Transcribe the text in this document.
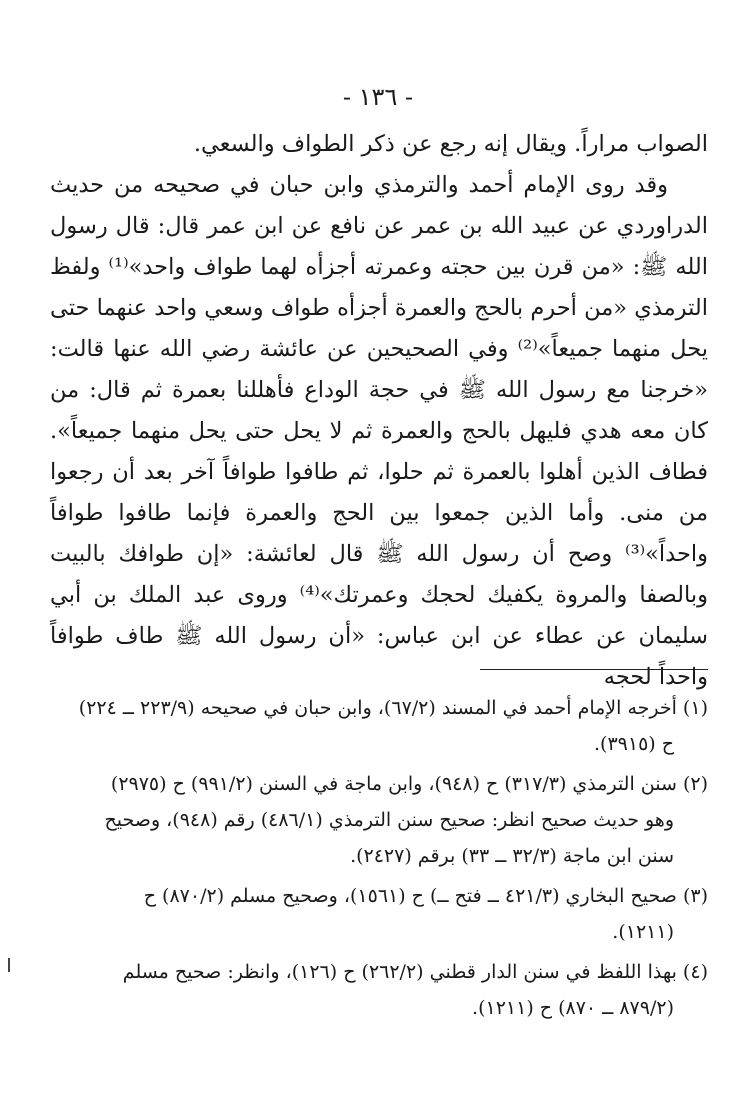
- ١٣٦ -

الصواب مراراً. ويقال إنه رجع عن ذكر الطواف والسعي.

وقد روى الإمام أحمد والترمذي وابن حبان في صحيحه من حديث الدراوردي عن عبيد الله بن عمر عن نافع عن ابن عمر قال: قال رسول الله ﷺ: «من قرن بين حجته وعمرته أجزأه لهما طواف واحد»⁽¹⁾ ولفظ الترمذي «من أحرم بالحج والعمرة أجزأه طواف وسعي واحد عنهما حتى يحل منهما جميعاً»⁽²⁾ وفي الصحيحين عن عائشة رضي الله عنها قالت: «خرجنا مع رسول الله ﷺ في حجة الوداع فأهللنا بعمرة ثم قال: من كان معه هدي فليهل بالحج والعمرة ثم لا يحل حتى يحل منهما جميعاً». فطاف الذين أهلوا بالعمرة ثم حلوا، ثم طافوا طوافاً آخر بعد أن رجعوا من منى. وأما الذين جمعوا بين الحج والعمرة فإنما طافوا طوافاً واحداً»⁽³⁾ وصح أن رسول الله ﷺ قال لعائشة: «إن طوافك بالبيت وبالصفا والمروة يكفيك لحجك وعمرتك»⁽⁴⁾ وروى عبد الملك بن أبي سليمان عن عطاء عن ابن عباس: «أن رسول الله ﷺ طاف طوافاً واحداً لحجه

(١) أخرجه الإمام أحمد في المسند (٦٧/٢)، وابن حبان في صحيحه (٢٢٣/٩ ــ ٢٢٤)
ح (٣٩١٥).
(٢) سنن الترمذي (٣١٧/٣) ح (٩٤٨)، وابن ماجة في السنن (٩٩١/٢) ح (٢٩٧٥)
وهو حديث صحيح انظر: صحيح سنن الترمذي (٤٨٦/١) رقم (٩٤٨)، وصحيح
سنن ابن ماجة (٣٢/٣ ــ ٣٣) برقم (٢٤٢٧).
(٣) صحيح البخاري (٤٢١/٣ ــ فتح ــ) ح (١٥٦١)، وصحيح مسلم (٨٧٠/٢) ح
(١٢١١).
(٤) بهذا اللفظ في سنن الدار قطني (٢٦٢/٢) ح (١٢٦)، وانظر: صحيح مسلم
(٨٧٩/٢ ــ ٨٧٠) ح (١٢١١).
